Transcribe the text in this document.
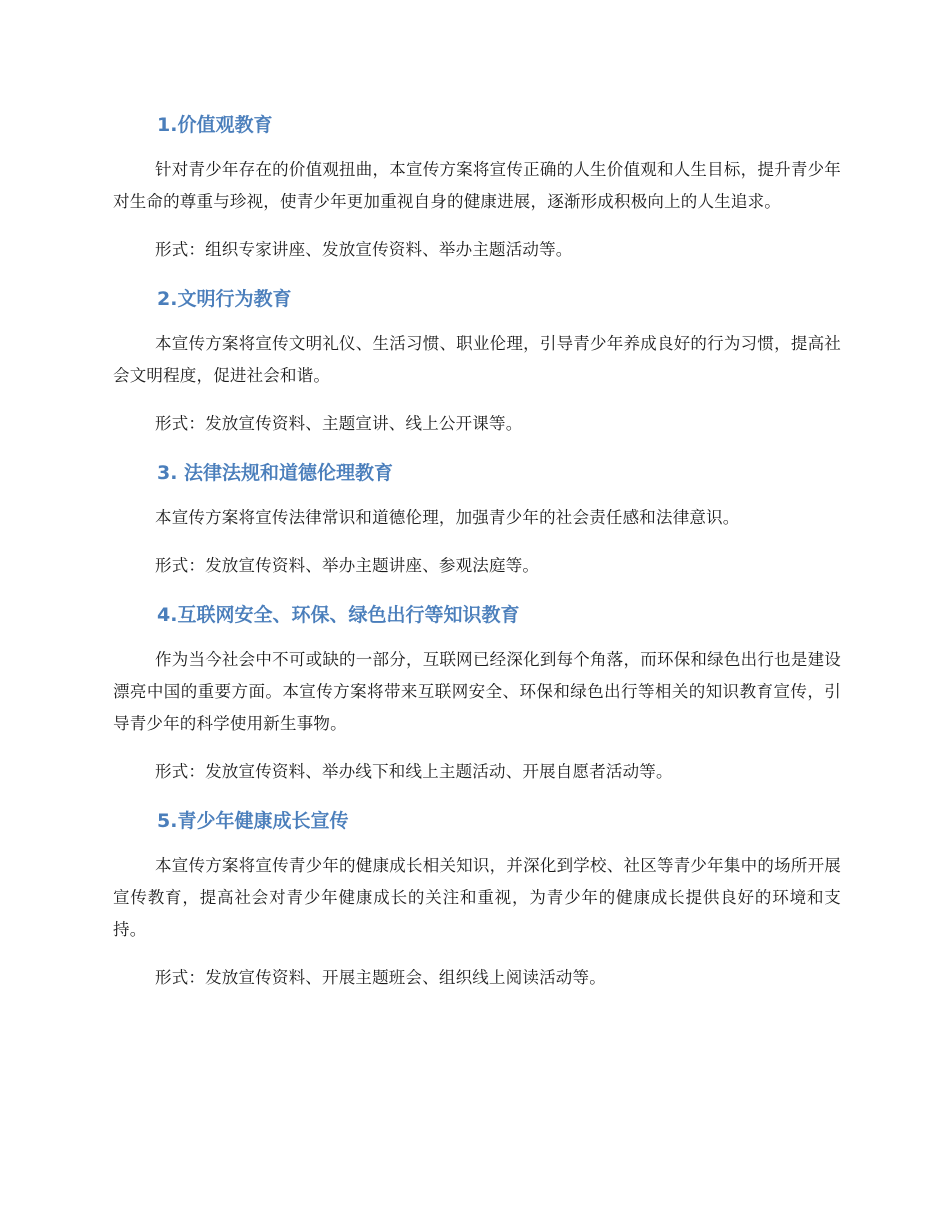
1.价值观教育

针对青少年存在的价值观扭曲，本宣传方案将宣传正确的人生价值观和人生目标，提升青少年对生命的尊重与珍视，使青少年更加重视自身的健康进展，逐渐形成积极向上的人生追求。

形式：组织专家讲座、发放宣传资料、举办主题活动等。

2.文明行为教育

本宣传方案将宣传文明礼仪、生活习惯、职业伦理，引导青少年养成良好的行为习惯，提高社会文明程度，促进社会和谐。

形式：发放宣传资料、主题宣讲、线上公开课等。

3. 法律法规和道德伦理教育

本宣传方案将宣传法律常识和道德伦理，加强青少年的社会责任感和法律意识。

形式：发放宣传资料、举办主题讲座、参观法庭等。

4.互联网安全、环保、绿色出行等知识教育

作为当今社会中不可或缺的一部分，互联网已经深化到每个角落，而环保和绿色出行也是建设漂亮中国的重要方面。本宣传方案将带来互联网安全、环保和绿色出行等相关的知识教育宣传，引导青少年的科学使用新生事物。

形式：发放宣传资料、举办线下和线上主题活动、开展自愿者活动等。

5.青少年健康成长宣传

本宣传方案将宣传青少年的健康成长相关知识，并深化到学校、社区等青少年集中的场所开展宣传教育，提高社会对青少年健康成长的关注和重视，为青少年的健康成长提供良好的环境和支持。

形式：发放宣传资料、开展主题班会、组织线上阅读活动等。
